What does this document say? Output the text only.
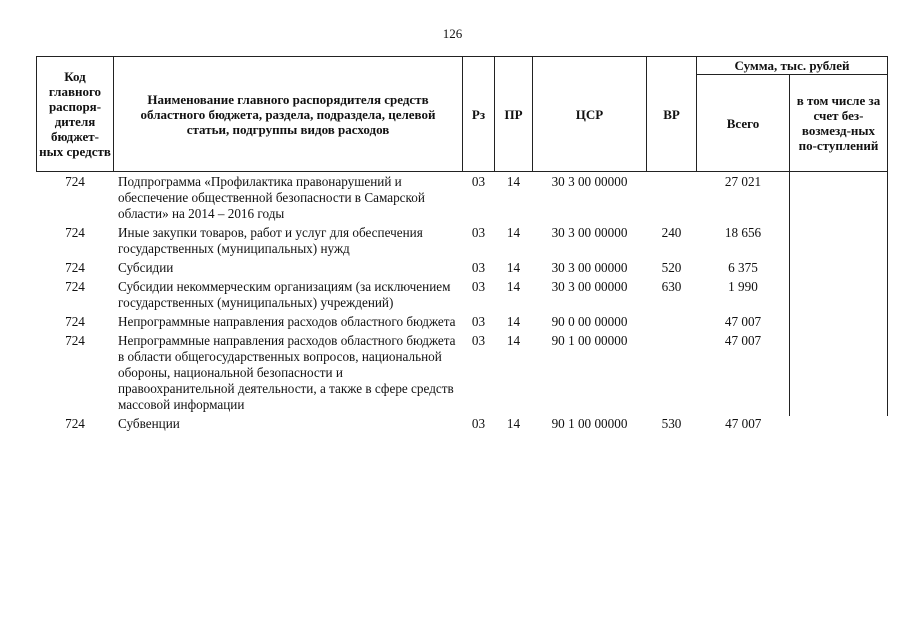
126
Код главного распоря-дителя бюджет-ных средств	Наименование главного распорядителя средств областного бюджета, раздела, подраздела, целевой статьи, подгруппы видов расходов	Рз	ПР	ЦСР	ВР	Сумма, тыс. рублей	
						Всего	в том числе за счет без-возмезд-ных по-ступлений
724	Подпрограмма «Профилактика правонарушений и обеспечение общественной безопасности в Самарской области» на 2014 – 2016 годы	03	14	30 3 00 00000		27 021	
724	Иные закупки товаров, работ и услуг для обеспечения государственных (муниципальных) нужд	03	14	30 3 00 00000	240	18 656	
724	Субсидии	03	14	30 3 00 00000	520	6 375	
724	Субсидии некоммерческим организациям (за исключением государственных (муниципальных) учреждений)	03	14	30 3 00 00000	630	1 990	
724	Непрограммные направления расходов областного бюджета	03	14	90 0 00 00000		47 007	
724	Непрограммные направления расходов областного бюджета в области общегосударственных вопросов, национальной обороны, национальной безопасности и правоохранительной деятельности, а также в сфере средств массовой информации	03	14	90 1 00 00000		47 007	
724	Субвенции	03	14	90 1 00 00000	530	47 007	
